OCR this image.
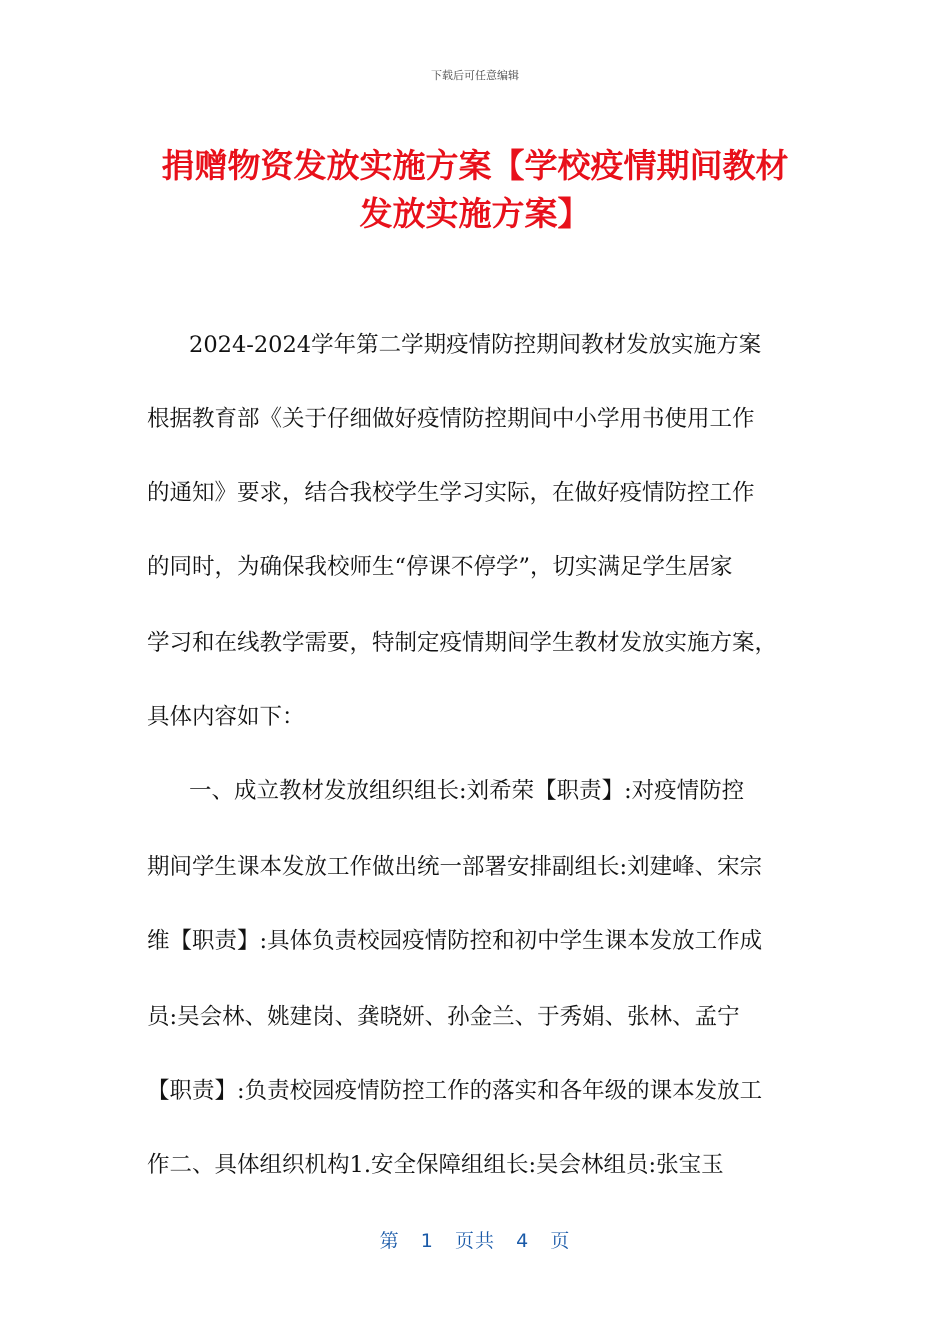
下载后可任意编辑
捐赠物资发放实施方案【学校疫情期间教材
发放实施方案】
2024-2024学年第二学期疫情防控期间教材发放实施方案
根据教育部《关于仔细做好疫情防控期间中小学用书使用工作
的通知》要求，结合我校学生学习实际，在做好疫情防控工作
的同时，为确保我校师生“停课不停学”，切实满足学生居家
学习和在线教学需要，特制定疫情期间学生教材发放实施方案，
具体内容如下：
一、成立教材发放组织组长:刘希荣【职责】:对疫情防控
期间学生课本发放工作做出统一部署安排副组长:刘建峰、宋宗
维【职责】:具体负责校园疫情防控和初中学生课本发放工作成
员:吴会林、姚建岗、龚晓妍、孙金兰、于秀娟、张林、孟宁
【职责】:负责校园疫情防控工作的落实和各年级的课本发放工
作二、具体组织机构1.安全保障组组长:吴会林组员:张宝玉
第 1 页共 4 页
